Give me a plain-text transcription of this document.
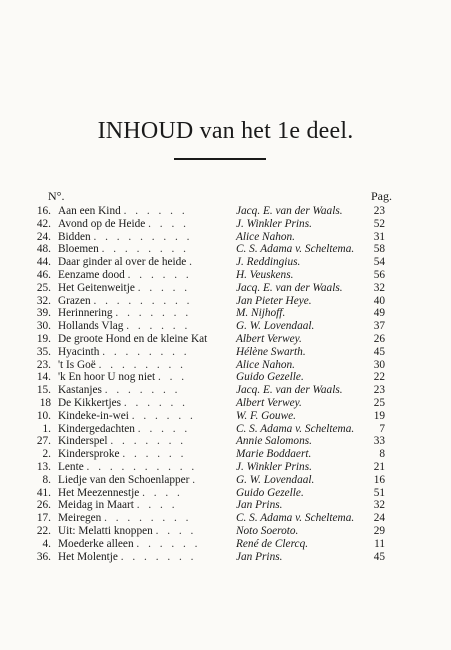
INHOUD van het 1e deel.
N°.	Pag.
16. Aan een Kind . . . . . .	Jacq. E. van der Waals.	23
42. Avond op de Heide . . . .	J. Winkler Prins.	52
24. Bidden . . . . . . . . .	Alice Nahon.	31
48. Bloemen . . . . . . . .	C. S. Adama v. Scheltema.	58
44. Daar ginder al over de heide .	J. Reddingius.	54
46. Eenzame dood . . . . . .	H. Veuskens.	56
25. Het Geitenweitje . . . . .	Jacq. E. van der Waals.	32
32. Grazen . . . . . . . . .	Jan Pieter Heye.	40
39. Herinnering . . . . . . .	M. Nijhoff.	49
30. Hollands Vlag . . . . . .	G. W. Lovendaal.	37
19. De groote Hond en de kleine Kat	Albert Verwey.	26
35. Hyacinth . . . . . . . .	Hélène Swarth.	45
23. 't Is Goë . . . . . . . .	Alice Nahon.	30
14. 'k En hoor U nog niet . . .	Guido Gezelle.	22
15. Kastanjes . . . . . . .	Jacq. E. van der Waals.	23
18 De Kikkertjes . . . . . .	Albert Verwey.	25
10. Kindeke-in-wei . . . . . .	W. F. Gouwe.	19
1. Kindergedachten . . . . .	C. S. Adama v. Scheltema.	7
27. Kinderspel . . . . . . .	Annie Salomons.	33
2. Kindersproke . . . . . .	Marie Boddaert.	8
13. Lente . . . . . . . . . .	J. Winkler Prins.	21
8. Liedje van den Schoenlapper .	G. W. Lovendaal.	16
41. Het Meezennestje . . . .	Guido Gezelle.	51
26. Meidag in Maart . . . .	Jan Prins.	32
17. Meiregen . . . . . . . .	C. S. Adama v. Scheltema.	24
22. Uit: Melatti knoppen . . . .	Noto Soeroto.	29
4. Moederke alleen . . . . . .	René de Clercq.	11
36. Het Molentje . . . . . . .	Jan Prins.	45
